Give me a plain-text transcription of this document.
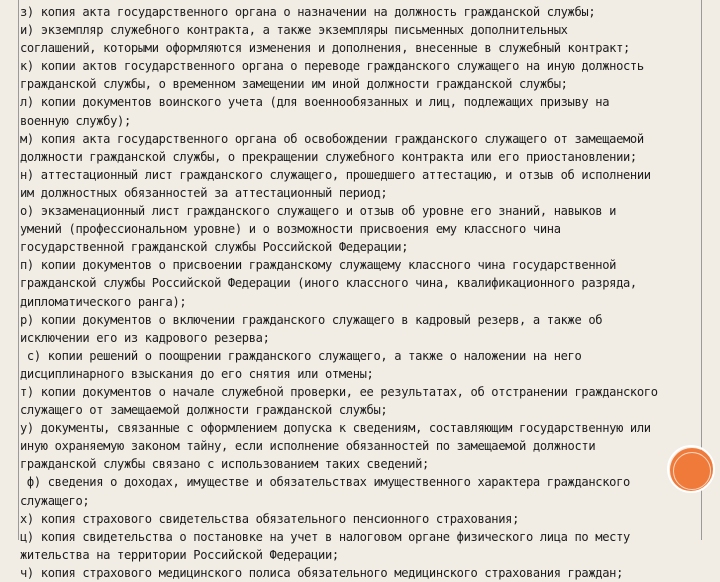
з) копия акта государственного органа о назначении на должность гражданской службы;
и) экземпляр служебного контракта, а также экземпляры письменных дополнительных
соглашений, которыми оформляются изменения и дополнения, внесенные в служебный контракт;
к) копии актов государственного органа о переводе гражданского служащего на иную должность
гражданской службы, о временном замещении им иной должности гражданской службы;
л) копии документов воинского учета (для военнообязанных и лиц, подлежащих призыву на
военную службу);
м) копия акта государственного органа об освобождении гражданского служащего от замещаемой
должности гражданской службы, о прекращении служебного контракта или его приостановлении;
н) аттестационный лист гражданского служащего, прошедшего аттестацию, и отзыв об исполнении
им должностных обязанностей за аттестационный период;
о) экзаменационный лист гражданского служащего и отзыв об уровне его знаний, навыков и
умений (профессиональном уровне) и о возможности присвоения ему классного чина
государственной гражданской службы Российской Федерации;
п) копии документов о присвоении гражданскому служащему классного чина государственной
гражданской службы Российской Федерации (иного классного чина, квалификационного разряда,
дипломатического ранга);
р) копии документов о включении гражданского служащего в кадровый резерв, а также об
исключении его из кадрового резерва;
с) копии решений о поощрении гражданского служащего, а также о наложении на него
дисциплинарного взыскания до его снятия или отмены;
т) копии документов о начале служебной проверки, ее результатах, об отстранении гражданского
служащего от замещаемой должности гражданской службы;
у) документы, связанные с оформлением допуска к сведениям, составляющим государственную или
иную охраняемую законом тайну, если исполнение обязанностей по замещаемой должности
гражданской службы связано с использованием таких сведений;
ф) сведения о доходах, имуществе и обязательствах имущественного характера гражданского
служащего;
х) копия страхового свидетельства обязательного пенсионного страхования;
ц) копия свидетельства о постановке на учет в налоговом органе физического лица по месту
жительства на территории Российской Федерации;
ч) копия страхового медицинского полиса обязательного медицинского страхования граждан;
